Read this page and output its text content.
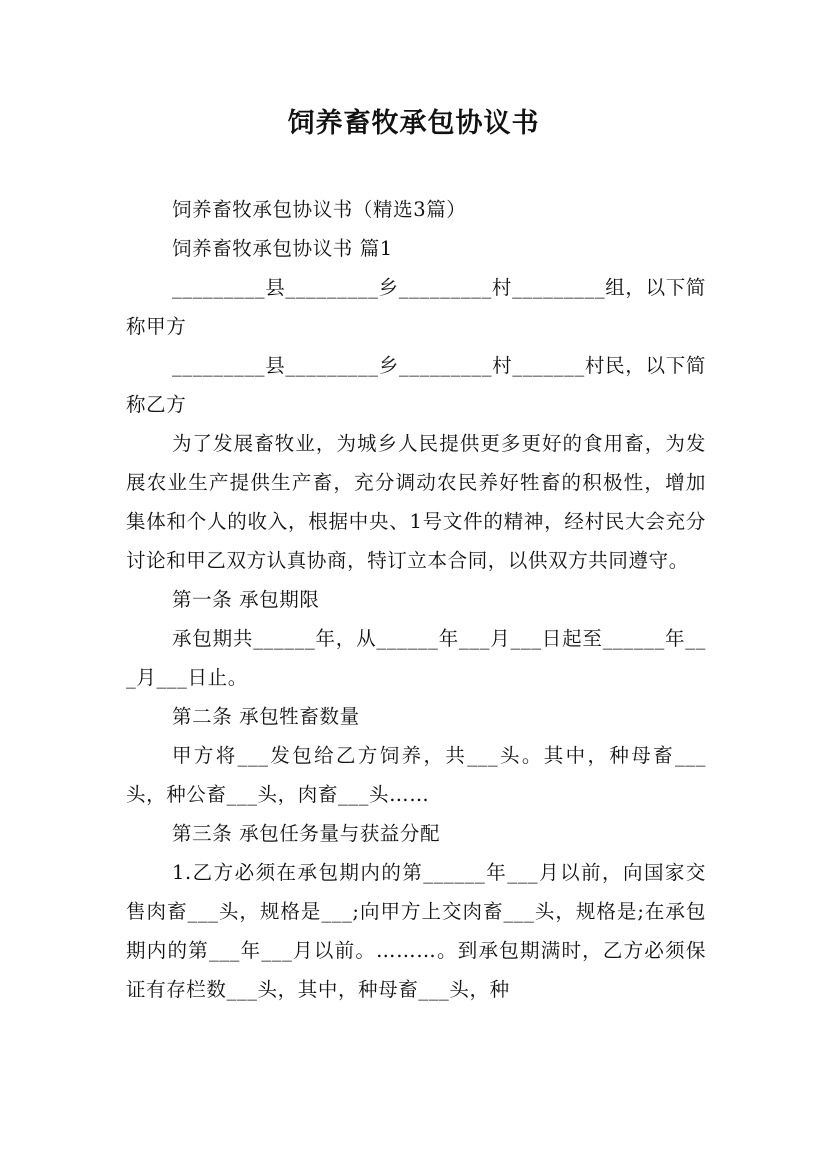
饲养畜牧承包协议书

饲养畜牧承包协议书（精选3篇）

饲养畜牧承包协议书 篇1

_________县_________乡_________村_________组，以下简称甲方

_________县_________乡_________村_______村民，以下简称乙方

为了发展畜牧业，为城乡人民提供更多更好的食用畜，为发展农业生产提供生产畜，充分调动农民养好牲畜的积极性，增加集体和个人的收入，根据中央、1号文件的精神，经村民大会充分讨论和甲乙双方认真协商，特订立本合同，以供双方共同遵守。

第一条 承包期限

承包期共______年，从______年___月___日起至______年___月___日止。

第二条 承包牲畜数量

甲方将___发包给乙方饲养，共___头。其中，种母畜___头，种公畜___头，肉畜___头……

第三条 承包任务量与获益分配

1.乙方必须在承包期内的第______年___月以前，向国家交售肉畜___头，规格是___;向甲方上交肉畜___头，规格是;在承包期内的第___年___月以前。………。到承包期满时，乙方必须保证有存栏数___头，其中，种母畜___头，种
